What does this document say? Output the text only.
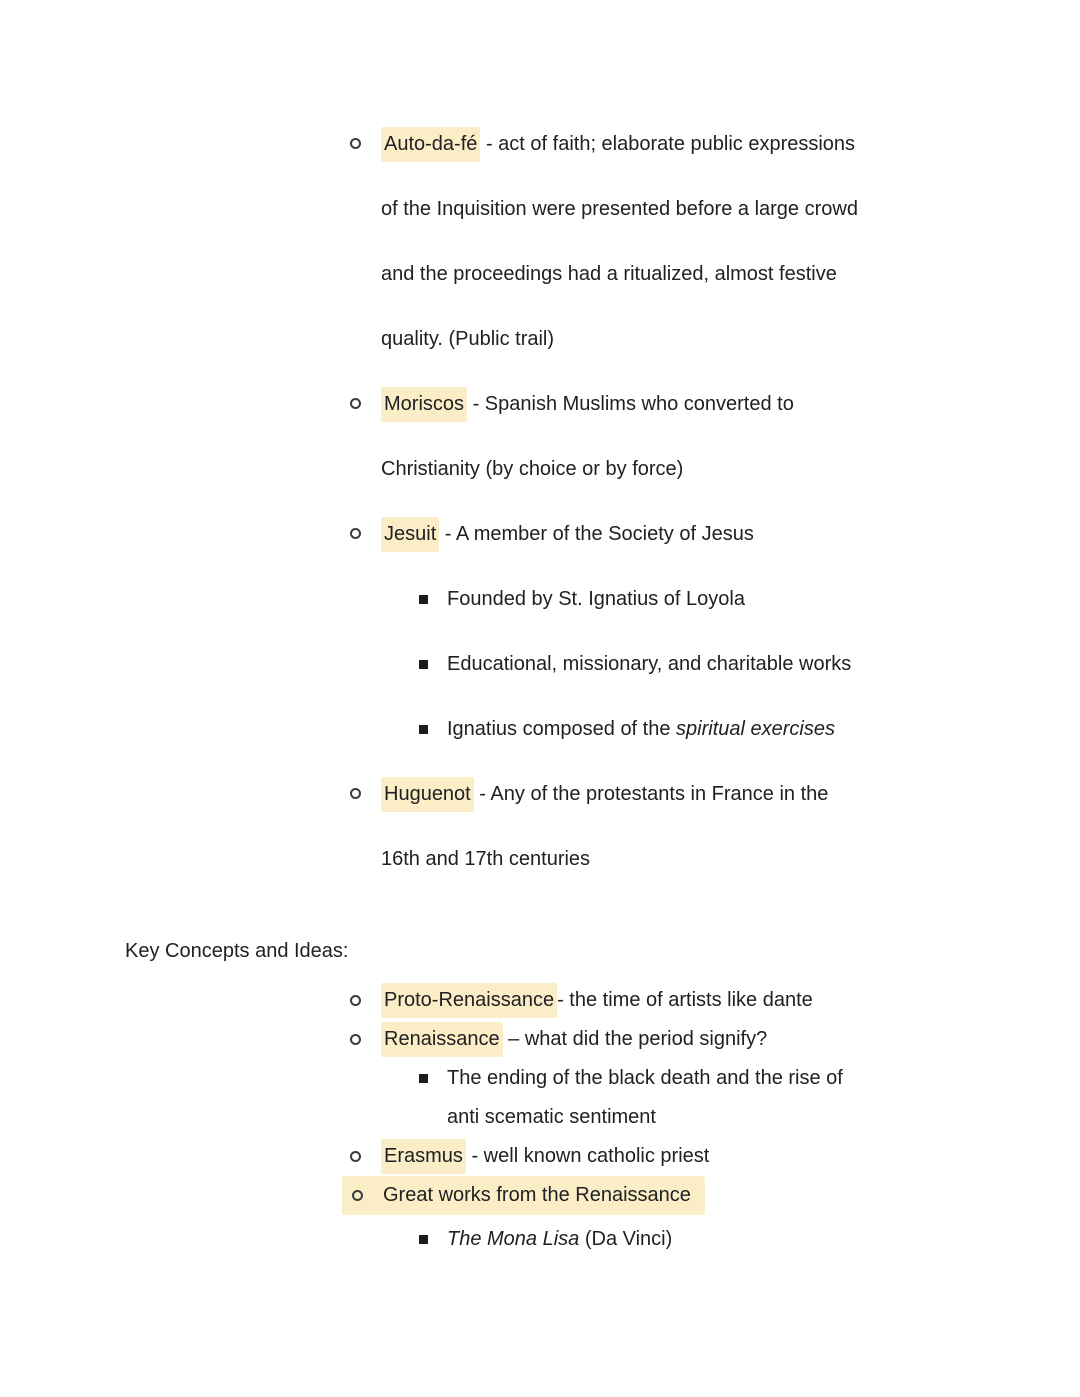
Auto-da-fé - act of faith; elaborate public expressions
of the Inquisition were presented before a large crowd
and the proceedings had a ritualized, almost festive
quality. (Public trail)
Moriscos - Spanish Muslims who converted to
Christianity (by choice or by force)
Jesuit - A member of the Society of Jesus
Founded by St. Ignatius of Loyola
Educational, missionary, and charitable works
Ignatius composed of the spiritual exercises
Huguenot - Any of the protestants in France in the
16th and 17th centuries
Key Concepts and Ideas:
Proto-Renaissance - the time of artists like dante
Renaissance – what did the period signify?
The ending of the black death and the rise of
anti scematic sentiment
Erasmus - well known catholic priest
Great works from the Renaissance
The Mona Lisa (Da Vinci)
